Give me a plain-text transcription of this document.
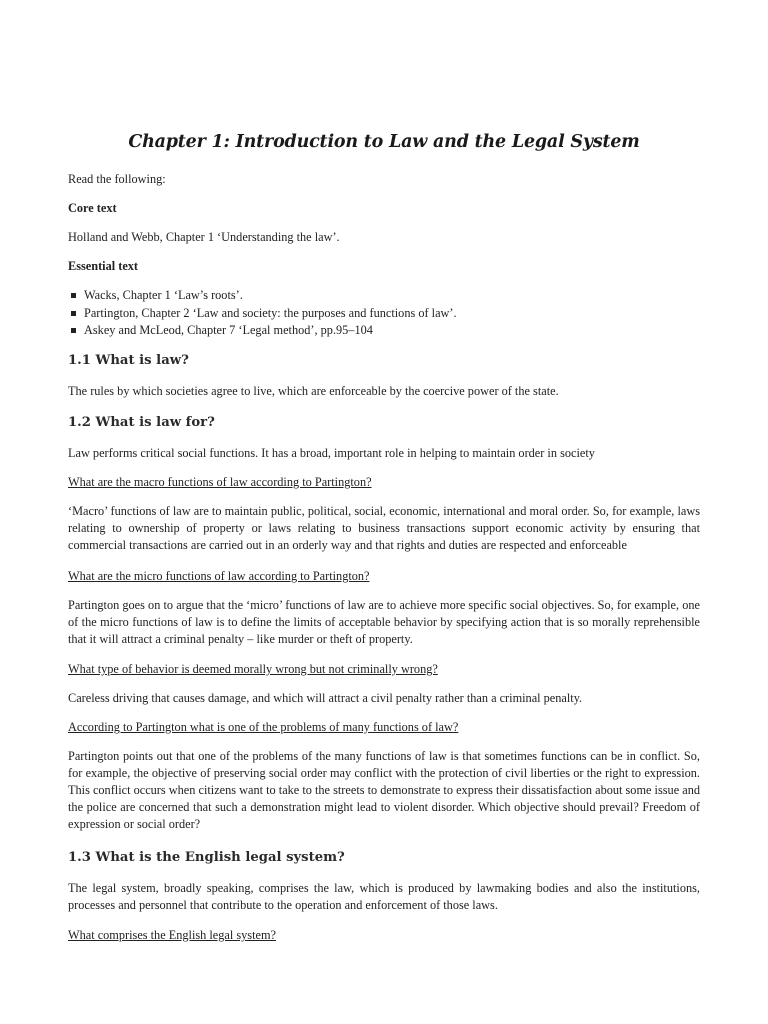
Chapter 1: Introduction to Law and the Legal System

Read the following:

Core text

Holland and Webb, Chapter 1 ‘Understanding the law’.

Essential text

Wacks, Chapter 1 ‘Law’s roots’.
Partington, Chapter 2 ‘Law and society: the purposes and functions of law’.
Askey and McLeod, Chapter 7 ‘Legal method’, pp.95–104
1.1 What is law?

The rules by which societies agree to live, which are enforceable by the coercive power of the state.

1.2 What is law for?

Law performs critical social functions. It has a broad, important role in helping to maintain order in society

What are the macro functions of law according to Partington?

‘Macro’ functions of law are to maintain public, political, social, economic, international and moral order. So, for example, laws relating to ownership of property or laws relating to business transactions support economic activity by ensuring that commercial transactions are carried out in an orderly way and that rights and duties are respected and enforceable

What are the micro functions of law according to Partington?

Partington goes on to argue that the ‘micro’ functions of law are to achieve more specific social objectives. So, for example, one of the micro functions of law is to define the limits of acceptable behavior by specifying action that is so morally reprehensible that it will attract a criminal penalty – like murder or theft of property.

What type of behavior is deemed morally wrong but not criminally wrong?

Careless driving that causes damage, and which will attract a civil penalty rather than a criminal penalty.

According to Partington what is one of the problems of many functions of law?

Partington points out that one of the problems of the many functions of law is that sometimes functions can be in conflict. So, for example, the objective of preserving social order may conflict with the protection of civil liberties or the right to expression. This conflict occurs when citizens want to take to the streets to demonstrate to express their dissatisfaction about some issue and the police are concerned that such a demonstration might lead to violent disorder. Which objective should prevail? Freedom of expression or social order?

1.3 What is the English legal system?

The legal system, broadly speaking, comprises the law, which is produced by lawmaking bodies and also the institutions, processes and personnel that contribute to the operation and enforcement of those laws.

What comprises the English legal system?
